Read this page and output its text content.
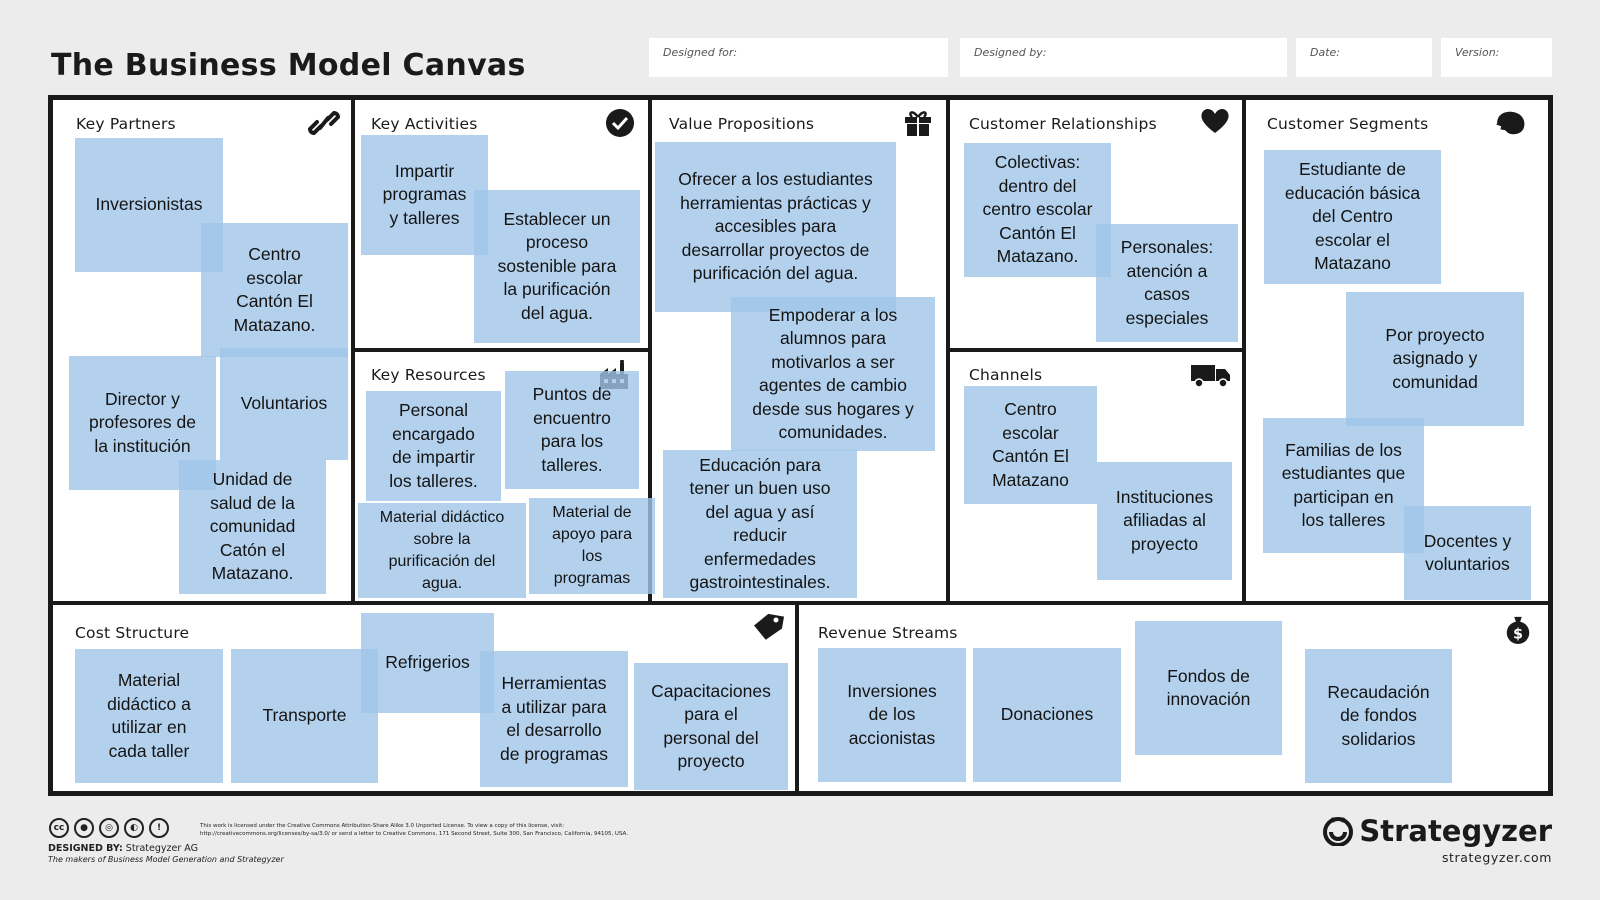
The Business Model Canvas	Designed for:	Designed by:	Date:	Version:
Key Partners	Key Activities
Key Resources
Value Propositions	Customer Relationships
Channels
Customer Segments
Cost Structure	Revenue Streams	$
Inversionistas
Centro
escolar
Cantón El
Matazano.
Director y
profesores de
la institución
Voluntarios
Unidad de
salud de la
comunidad
Catón el
Matazano.
Impartir
programas
y talleres	Establecer un
proceso
sostenible para
la purificación
del agua.
Personal
encargado
de impartir
los talleres.
Puntos de
encuentro
para los
talleres.
Material didáctico
sobre la
purificación del
agua.
Material de
apoyo para
los
programas
Ofrecer a los estudiantes
herramientas prácticas y
accesibles para
desarrollar proyectos de
purificación del agua.
Empoderar a los
alumnos para
motivarlos a ser
agentes de cambio
desde sus hogares y
comunidades.
Educación para
tener un buen uso
del agua y así
reducir
enfermedades
gastrointestinales.
Colectivas:
dentro del
centro escolar
Cantón El
Matazano.	Personales:
atención a
casos
especiales
Centro
escolar
Cantón El
Matazano
Instituciones
afiliadas al
proyecto
Estudiante de
educación básica
del Centro
escolar el
Matazano
Por proyecto
asignado y
comunidad
Familias de los
estudiantes que
participan en
los talleres
Docentes y
voluntarios
Material
didáctico a
utilizar en
cada taller
Transporte
Refrigerios
Herramientas
a utilizar para
el desarrollo
de programas
Capacitaciones
para el
personal del
proyecto
Inversiones
de los
accionistas
Donaciones
Fondos de
innovación	Recaudación
de fondos
solidarios
cc	●	◎	◐	!	This work is licensed under the Creative Commons Attribution-Share Alike 3.0 Unported License. To view a copy of this license, visit:
http://creativecommons.org/licenses/by-sa/3.0/ or send a letter to Creative Commons, 171 Second Street, Suite 300, San Francisco, California, 94105, USA.
DESIGNED BY: Strategyzer AG
The makers of Business Model Generation and Strategyzer
Strategyzer
strategyzer.com
